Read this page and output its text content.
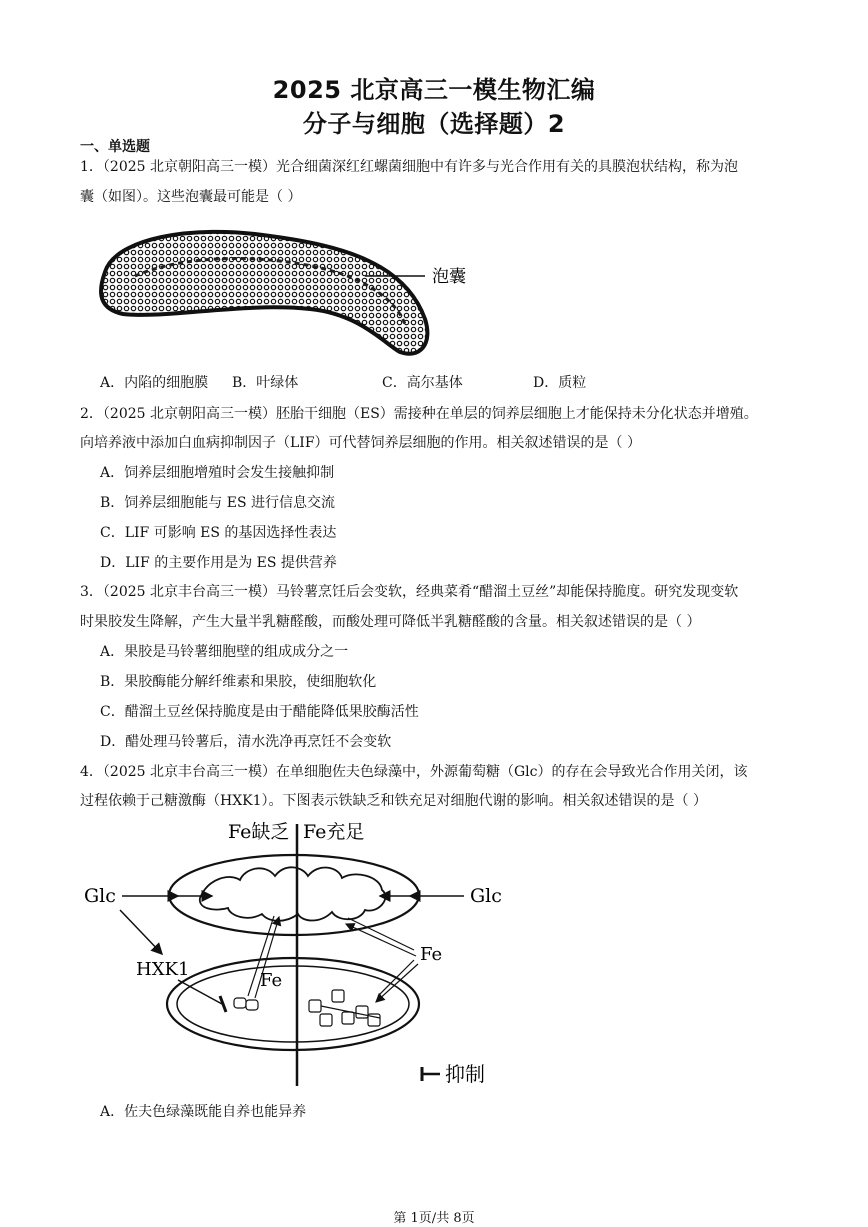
2025 北京高三一模生物汇编
分子与细胞（选择题）2
一、单选题
1．（2025 北京朝阳高三一模）光合细菌深红红螺菌细胞中有许多与光合作用有关的具膜泡状结构，称为泡
囊（如图）。这些泡囊最可能是（ ）
泡囊
A．内陷的细胞膜 B．叶绿体	C．高尔基体	D．质粒
2．（2025 北京朝阳高三一模）胚胎干细胞（ES）需接种在单层的饲养层细胞上才能保持未分化状态并增殖。
向培养液中添加白血病抑制因子（LIF）可代替饲养层细胞的作用。相关叙述错误的是（ ）
A．饲养层细胞增殖时会发生接触抑制
B．饲养层细胞能与 ES 进行信息交流
C．LIF 可影响 ES 的基因选择性表达
D．LIF 的主要作用是为 ES 提供营养
3．（2025 北京丰台高三一模）马铃薯烹饪后会变软，经典菜肴“醋溜土豆丝”却能保持脆度。研究发现变软
时果胶发生降解，产生大量半乳糖醛酸，而酸处理可降低半乳糖醛酸的含量。相关叙述错误的是（ ）
A．果胶是马铃薯细胞壁的组成成分之一
B．果胶酶能分解纤维素和果胶，使细胞软化
C．醋溜土豆丝保持脆度是由于醋能降低果胶酶活性
D．醋处理马铃薯后，清水洗净再烹饪不会变软
4．（2025 北京丰台高三一模）在单细胞佐夫色绿藻中，外源葡萄糖（Glc）的存在会导致光合作用关闭，该
过程依赖于己糖激酶（HXK1）。下图表示铁缺乏和铁充足对细胞代谢的影响。相关叙述错误的是（ ）
Fe缺乏 Fe充足
Glc	Glc
HXK1
Fe
Fe
抑制
A．佐夫色绿藻既能自养也能异养
第 1页/共 8页
